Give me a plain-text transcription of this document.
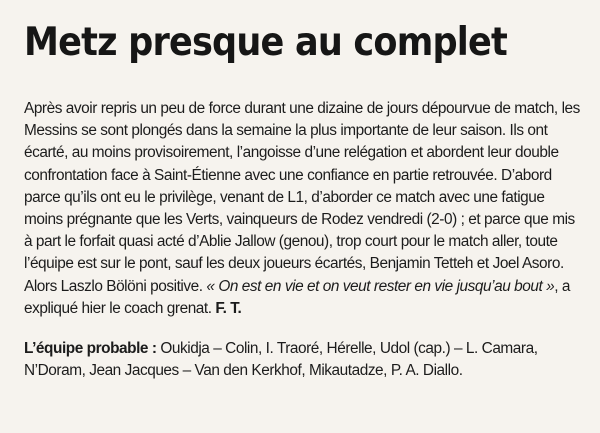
Metz presque au complet

Après avoir repris un peu de force durant une dizaine de jours dépourvue de match, les Messins se sont plongés dans la semaine la plus importante de leur saison. Ils ont écarté, au moins provisoirement, l’angoisse d’une relégation et abordent leur double confrontation face à Saint-Étienne avec une confiance en partie retrouvée. D’abord parce qu’ils ont eu le privilège, venant de L1, d’aborder ce match avec une fatigue moins prégnante que les Verts, vainqueurs de Rodez vendredi (2-0) ; et parce que mis à part le forfait quasi acté d’Ablie Jallow (genou), trop court pour le match aller, toute l’équipe est sur le pont, sauf les deux joueurs écartés, Benjamin Tetteh et Joel Asoro. Alors Laszlo Bölöni positive. « On est en vie et on veut rester en vie jusqu’au bout », a expliqué hier le coach grenat. F. T.

L’équipe probable : Oukidja – Colin, I. Traoré, Hérelle, Udol (cap.) – L. Camara, N’Doram, Jean Jacques – Van den Kerkhof, Mikautadze, P. A. Diallo.
